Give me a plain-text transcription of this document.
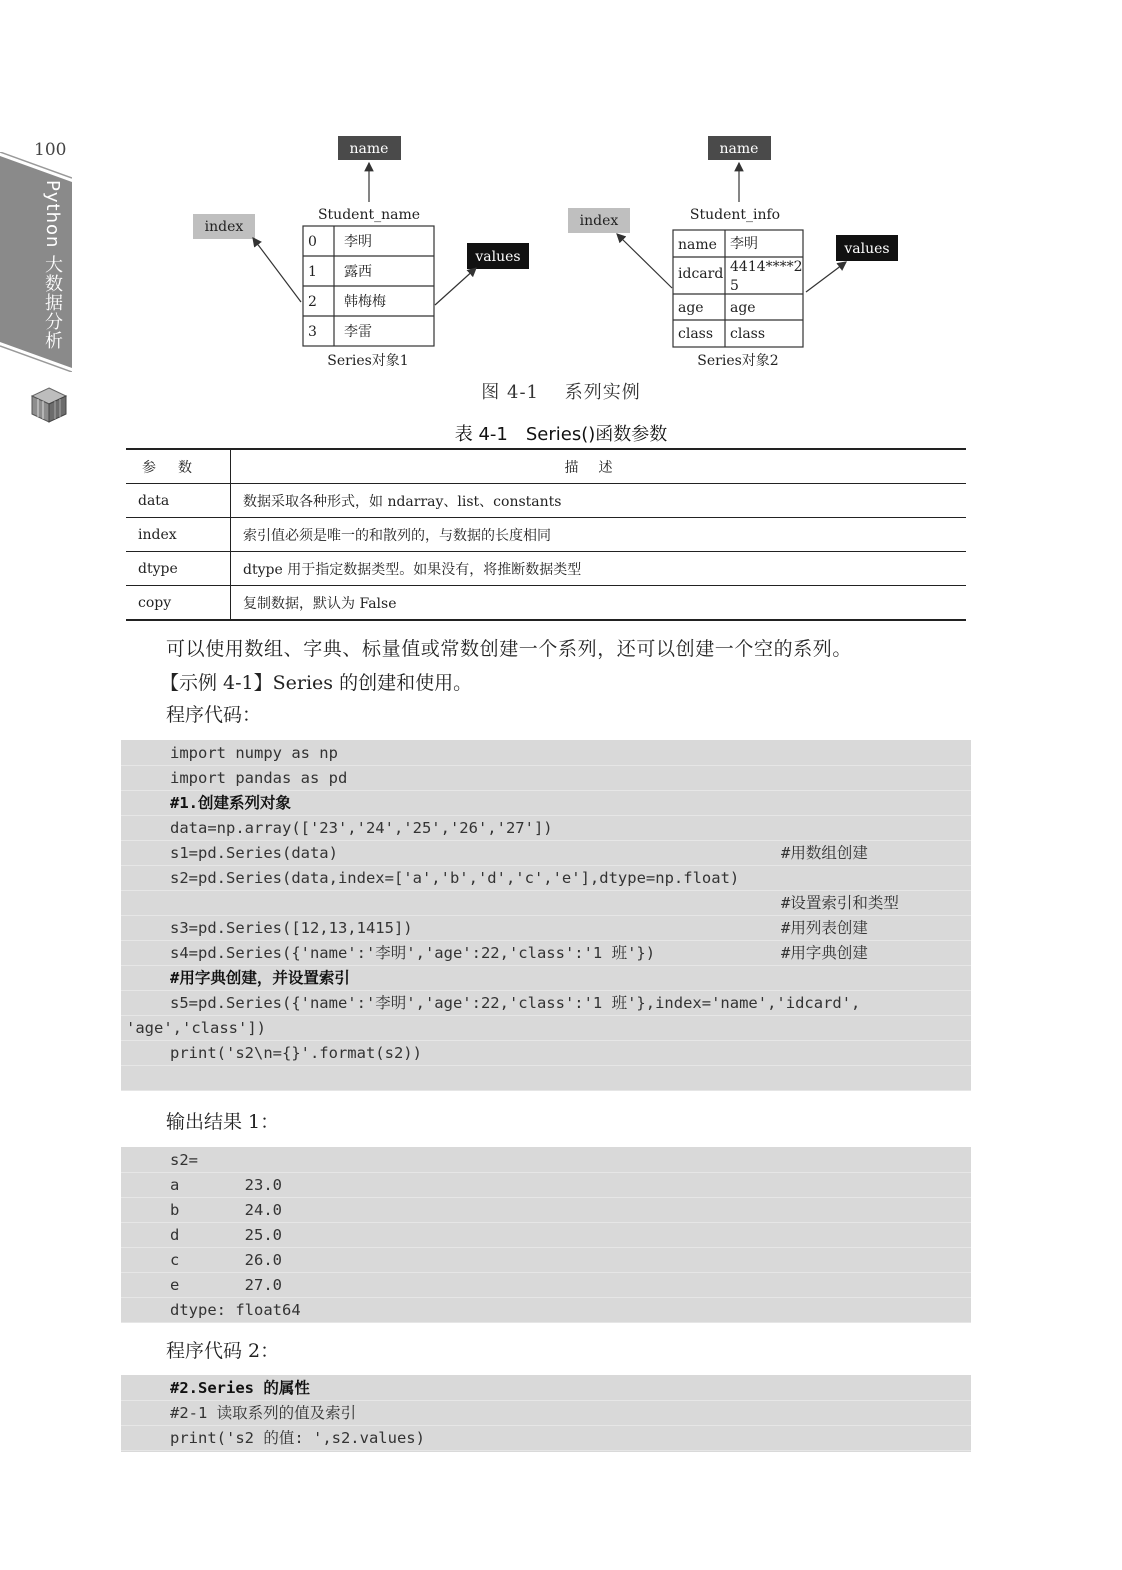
100
Python 大数据分析
name
Student_name
index
values
0 李明
1 露西
2 韩梅梅
3 李雷
Series对象1
name
Student_info
index
values
name 李明
idcard 4414****2
5
age age
class class
Series对象2
图 4-1　 系列实例
表 4-1　Series()函数参数
参数	描述
data	数据采取各种形式，如 ndarray、list、constants
index	索引值必须是唯一的和散列的，与数据的长度相同
dtype	dtype 用于指定数据类型。如果没有，将推断数据类型
copy	复制数据，默认为 False
可以使用数组、字典、标量值或常数创建一个系列，还可以创建一个空的系列。
【示例 4-1】Series 的创建和使用。
程序代码：
import numpy as np
import pandas as pd
#1.创建系列对象
data=np.array(['23','24','25','26','27'])
s1=pd.Series(data)	#用数组创建
s2=pd.Series(data,index=['a','b','d','c','e'],dtype=np.float)
#设置索引和类型
s3=pd.Series([12,13,1415])	#用列表创建
s4=pd.Series({'name':'李明','age':22,'class':'1 班'})	#用字典创建
#用字典创建，并设置索引
s5=pd.Series({'name':'李明','age':22,'class':'1 班'},index='name','idcard',
'age','class'])
print('s2\n={}'.format(s2))
输出结果 1：
s2=
a       23.0
b       24.0
d       25.0
c       26.0
e       27.0
dtype: float64
程序代码 2：
#2.Series 的属性
#2-1 读取系列的值及索引
print('s2 的值: ',s2.values)
